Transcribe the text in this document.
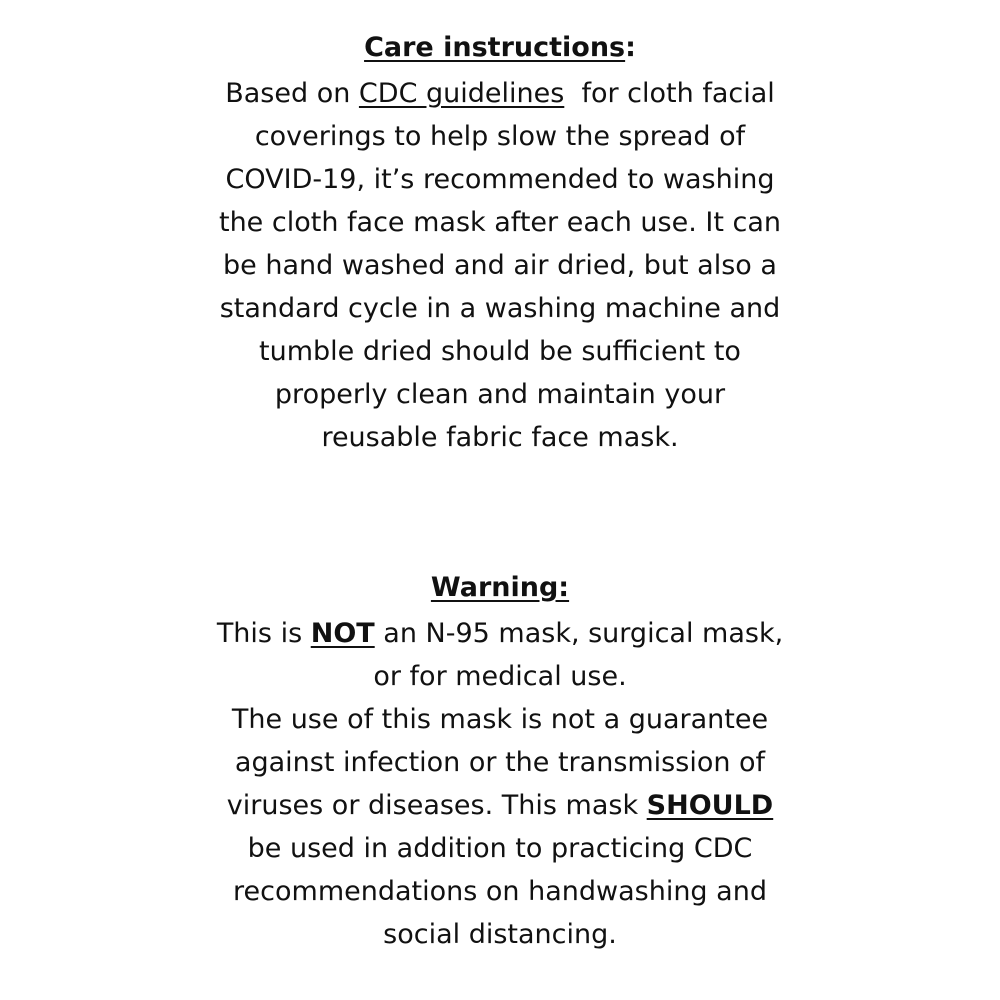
Care instructions:

Based on CDC guidelines  for cloth facial
coverings to help slow the spread of
COVID-19, it’s recommended to washing
the cloth face mask after each use. It can
be hand washed and air dried, but also a
standard cycle in a washing machine and
tumble dried should be sufficient to
properly clean and maintain your
reusable fabric face mask.

Warning:

This is NOT an N-95 mask, surgical mask,
or for medical use.
The use of this mask is not a guarantee
against infection or the transmission of
viruses or diseases. This mask SHOULD
be used in addition to practicing CDC
recommendations on handwashing and
social distancing.
